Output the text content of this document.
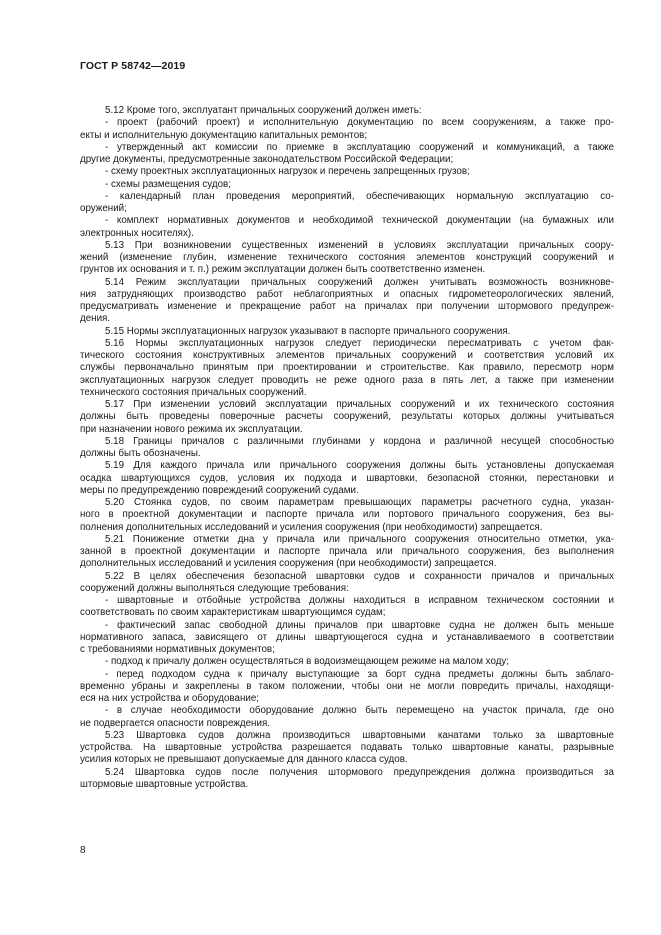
ГОСТ Р 58742—2019

5.12 Кроме того, эксплуатант причальных сооружений должен иметь:

- проект (рабочий проект) и исполнительную документацию по всем сооружениям, а также про-

екты и исполнительную документацию капитальных ремонтов;

- утвержденный акт комиссии по приемке в эксплуатацию сооружений и коммуникаций, а также

другие документы, предусмотренные законодательством Российской Федерации;

- схему проектных эксплуатационных нагрузок и перечень запрещенных грузов;

- схемы размещения судов;

- календарный план проведения мероприятий, обеспечивающих нормальную эксплуатацию со-

оружений;

- комплект нормативных документов и необходимой технической документации (на бумажных или

электронных носителях).

5.13 При возникновении существенных изменений в условиях эксплуатации причальных соору-

жений (изменение глубин, изменение технического состояния элементов конструкций сооружений и

грунтов их основания и т. п.) режим эксплуатации должен быть соответственно изменен.

5.14 Режим эксплуатации причальных сооружений должен учитывать возможность возникнове-

ния затрудняющих производство работ неблагоприятных и опасных гидрометеорологических явлений,

предусматривать изменение и прекращение работ на причалах при получении штормового предупреж-

дения.

5.15 Нормы эксплуатационных нагрузок указывают в паспорте причального сооружения.

5.16 Нормы эксплуатационных нагрузок следует периодически пересматривать с учетом фак-

тического состояния конструктивных элементов причальных сооружений и соответствия условий их

службы первоначально принятым при проектировании и строительстве. Как правило, пересмотр норм

эксплуатационных нагрузок следует проводить не реже одного раза в пять лет, а также при изменении

технического состояния причальных сооружений.

5.17 При изменении условий эксплуатации причальных сооружений и их технического состояния

должны быть проведены поверочные расчеты сооружений, результаты которых должны учитываться

при назначении нового режима их эксплуатации.

5.18 Границы причалов с различными глубинами у кордона и различной несущей способностью

должны быть обозначены.

5.19 Для каждого причала или причального сооружения должны быть установлены допускаемая

осадка швартующихся судов, условия их подхода и швартовки, безопасной стоянки, перестановки и

меры по предупреждению повреждений сооружений судами.

5.20 Стоянка судов, по своим параметрам превышающих параметры расчетного судна, указан-

ного в проектной документации и паспорте причала или портового причального сооружения, без вы-

полнения дополнительных исследований и усиления сооружения (при необходимости) запрещается.

5.21 Понижение отметки дна у причала или причального сооружения относительно отметки, ука-

занной в проектной документации и паспорте причала или причального сооружения, без выполнения

дополнительных исследований и усиления сооружения (при необходимости) запрещается.

5.22 В целях обеспечения безопасной швартовки судов и сохранности причалов и причальных

сооружений должны выполняться следующие требования:

- швартовные и отбойные устройства должны находиться в исправном техническом состоянии и

соответствовать по своим характеристикам швартующимся судам;

- фактический запас свободной длины причалов при швартовке судна не должен быть меньше

нормативного запаса, зависящего от длины швартующегося судна и устанавливаемого в соответствии

с требованиями нормативных документов;

- подход к причалу должен осуществляться в водоизмещающем режиме на малом ходу;

- перед подходом судна к причалу выступающие за борт судна предметы должны быть заблаго-

временно убраны и закреплены в таком положении, чтобы они не могли повредить причалы, находящи-

еся на них устройства и оборудование;

- в случае необходимости оборудование должно быть перемещено на участок причала, где оно

не подвергается опасности повреждения.

5.23 Швартовка судов должна производиться швартовными канатами только за швартовные

устройства. На швартовные устройства разрешается подавать только швартовные канаты, разрывные

усилия которых не превышают допускаемые для данного класса судов.

5.24 Швартовка судов после получения штормового предупреждения должна производиться за

штормовые швартовные устройства.

8
